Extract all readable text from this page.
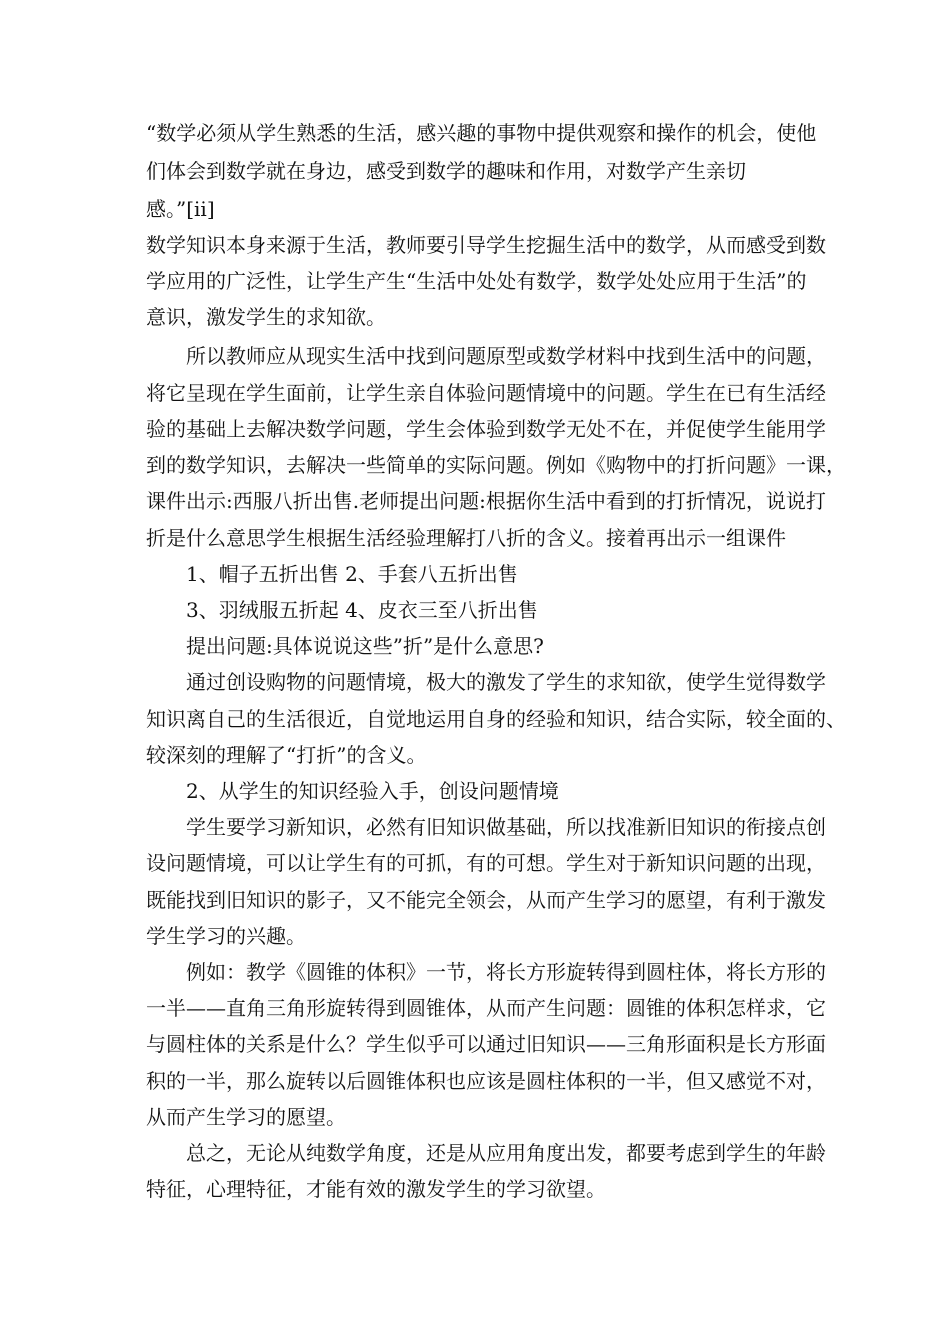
“数学必须从学生熟悉的生活，感兴趣的事物中提供观察和操作的机会，使他
们体会到数学就在身边，感受到数学的趣味和作用，对数学产生亲切
感。”[ii]
数学知识本身来源于生活，教师要引导学生挖掘生活中的数学，从而感受到数
学应用的广泛性，让学生产生“生活中处处有数学，数学处处应用于生活”的
意识，激发学生的求知欲。
所以教师应从现实生活中找到问题原型或数学材料中找到生活中的问题，
将它呈现在学生面前，让学生亲自体验问题情境中的问题。学生在已有生活经
验的基础上去解决数学问题，学生会体验到数学无处不在，并促使学生能用学
到的数学知识，去解决一些简单的实际问题。例如《购物中的打折问题》一课，
课件出示:西服八折出售.老师提出问题:根据你生活中看到的打折情况，说说打
折是什么意思学生根据生活经验理解打八折的含义。接着再出示一组课件
1、帽子五折出售 2、手套八五折出售
3、羽绒服五折起 4、皮衣三至八折出售
提出问题:具体说说这些”折”是什么意思?
通过创设购物的问题情境，极大的激发了学生的求知欲，使学生觉得数学
知识离自己的生活很近，自觉地运用自身的经验和知识，结合实际，较全面的、
较深刻的理解了“打折”的含义。
2、从学生的知识经验入手，创设问题情境
学生要学习新知识，必然有旧知识做基础，所以找准新旧知识的衔接点创
设问题情境，可以让学生有的可抓，有的可想。学生对于新知识问题的出现，
既能找到旧知识的影子，又不能完全领会，从而产生学习的愿望，有利于激发
学生学习的兴趣。
例如：教学《圆锥的体积》一节，将长方形旋转得到圆柱体，将长方形的
一半——直角三角形旋转得到圆锥体，从而产生问题：圆锥的体积怎样求，它
与圆柱体的关系是什么？学生似乎可以通过旧知识——三角形面积是长方形面
积的一半，那么旋转以后圆锥体积也应该是圆柱体积的一半，但又感觉不对，
从而产生学习的愿望。
总之，无论从纯数学角度，还是从应用角度出发，都要考虑到学生的年龄
特征，心理特征，才能有效的激发学生的学习欲望。
